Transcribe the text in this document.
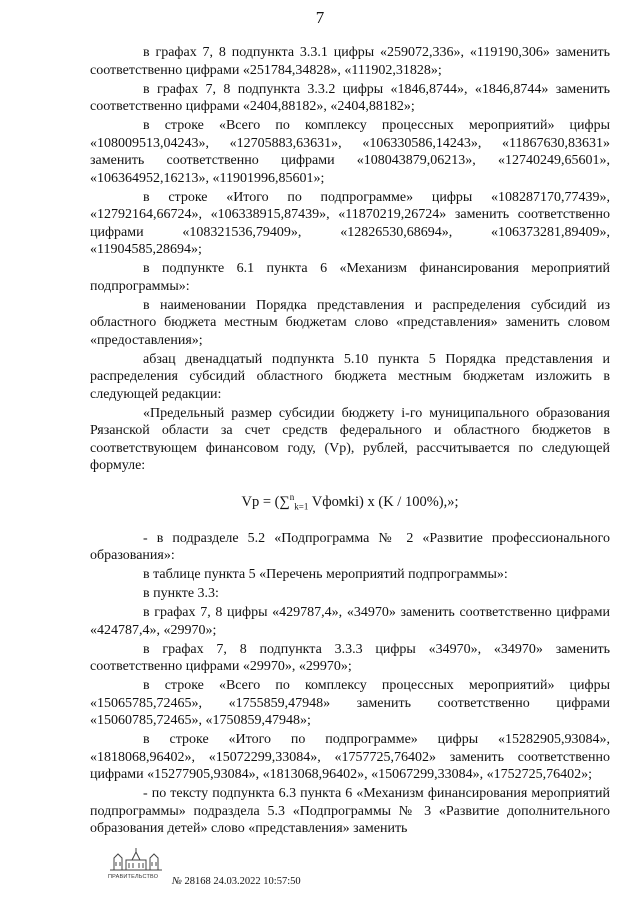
7

в графах 7, 8 подпункта 3.3.1 цифры «259072,336», «119190,306» заменить соответственно цифрами «251784,34828», «111902,31828»;

в графах 7, 8 подпункта 3.3.2 цифры «1846,8744», «1846,8744» заменить соответственно цифрами «2404,88182», «2404,88182»;

в строке «Всего по комплексу процессных мероприятий» цифры «108009513,04243», «12705883,63631», «106330586,14243», «11867630,83631» заменить соответственно цифрами «108043879,06213», «12740249,65601», «106364952,16213», «11901996,85601»;

в строке «Итого по подпрограмме» цифры «108287170,77439», «12792164,66724», «106338915,87439», «11870219,26724» заменить соответственно цифрами «108321536,79409», «12826530,68694», «106373281,89409», «11904585,28694»;

в подпункте 6.1 пункта 6 «Механизм финансирования мероприятий подпрограммы»:

в наименовании Порядка представления и распределения субсидий из областного бюджета местным бюджетам слово «представления» заменить словом «предоставления»;

абзац двенадцатый подпункта 5.10 пункта 5 Порядка представления и распределения субсидий областного бюджета местным бюджетам изложить в следующей редакции:

«Предельный размер субсидии бюджету i-го муниципального образования Рязанской области за счет средств федерального и областного бюджетов в соответствующем финансовом году, (Vp), рублей, рассчитывается по следующей формуле:

Vp = (∑$^n_{k=1}$ Vфомki) x (K / 100%),»;

- в подразделе 5.2 «Подпрограмма № 2 «Развитие профессионального образования»:

в таблице пункта 5 «Перечень мероприятий подпрограммы»:

в пункте 3.3:

в графах 7, 8 цифры «429787,4», «34970» заменить соответственно цифрами «424787,4», «29970»;

в графах 7, 8 подпункта 3.3.3 цифры «34970», «34970» заменить соответственно цифрами «29970», «29970»;

в строке «Всего по комплексу процессных мероприятий» цифры «15065785,72465», «1755859,47948» заменить соответственно цифрами «15060785,72465», «1750859,47948»;

в строке «Итого по подпрограмме» цифры «15282905,93084», «1818068,96402», «15072299,33084», «1757725,76402» заменить соответственно цифрами «15277905,93084», «1813068,96402», «15067299,33084», «1752725,76402»;

- по тексту подпункта 6.3 пункта 6 «Механизм финансирования мероприятий подпрограммы» подраздела 5.3 «Подпрограммы № 3 «Развитие дополнительного образования детей» слово «представления» заменить

ПРАВИТЕЛЬСТВО	№ 28168 24.03.2022 10:57:50
